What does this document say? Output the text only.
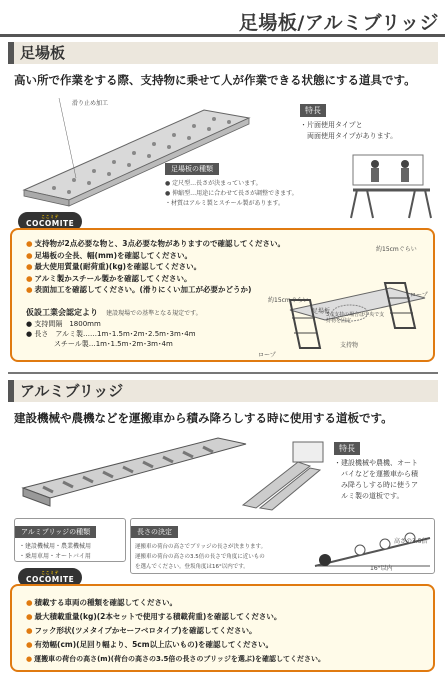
足場板/アルミブリッジ
足場板
高い所で作業をする際、支持物に乗せて人が作業できる状態にする道具です。
滑り止め加工
特長
・片面使用タイプと
　両面使用タイプがあります。
足場板の種類
● 定尺型…長さが決まっています。
● 伸縮型…用途に合わせて長さが調整できます。
・材質はアルミ製とスチール製があります。
ここミテ
COCOMITE
● 支持物が2点必要な物と、3点必要な物がありますので確認してください。
● 足場板の全長、幅(mm)を確認してください。
● 最大使用質量(耐荷重)(kg)を確認してください。
● アルミ製かスチール製かを確認してください。
● 表面加工を確認してください。(滑りにくい加工が必要かどうか)
仮設工業会認定より 建設現場での基準となる規定です。
● 支持間隔　1800mm
● 長さ　アルミ製……1m･1.5m･2m･2.5m･3m･4m
　　　　スチール製…1m･1.5m･2m･3m･4m
約15cmぐらい
約15cmぐらい
足場板
ロープ
ロープ
支持物
3点支持の場合は中央で支持物を固定
アルミブリッジ
建設機械や農機などを運搬車から積み降ろしする時に使用する道板です。
特長
・建設機械や農機、オート
　バイなどを運搬車から積
　み降ろしする時に使うア
　ルミ製の道板です。
アルミブリッジの種類
・建設機械用・農業機械用
・乗用車用・オートバイ用
長さの決定
運搬車の荷台の高さでブリッジの長さが決まります。
運搬車の荷台の高さの3.5倍の長さで角度に近いもの
を選んでください。登坂角度は16°以内です。
高さの3.5倍
16°以内
ここミテ
COCOMITE
● 積載する車両の種類を確認してください。
● 最大積載重量(kg)(2本セットで使用する積載荷重)を確認してください。
● フック形状(ツメタイプかセーフベロタイプ)を確認してください。
● 有効幅(cm)(足回り幅より、5cm以上広いもの)を確認してください。
● 運搬車の荷台の高さ(m)(荷台の高さの3.5倍の長さのブリッジを選ぶ)を確認してください。
